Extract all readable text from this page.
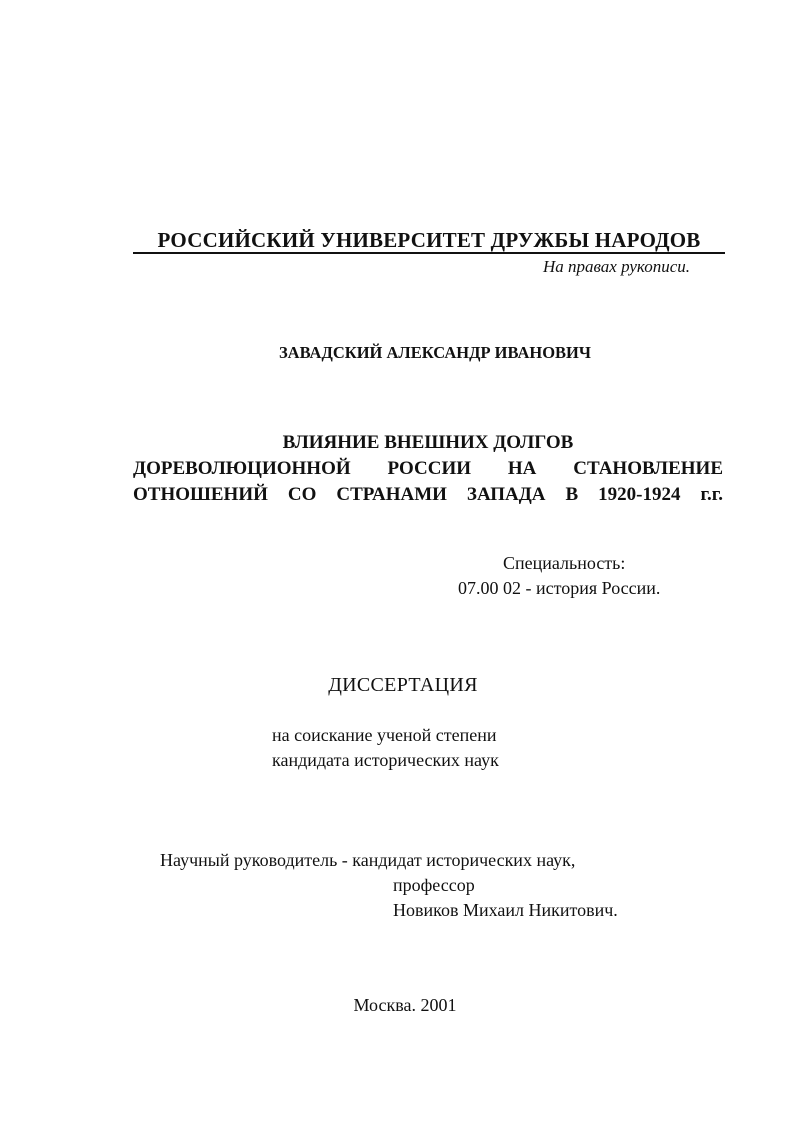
РОССИЙСКИЙ УНИВЕРСИТЕТ ДРУЖБЫ НАРОДОВ
На правах рукописи.
ЗАВАДСКИЙ АЛЕКСАНДР ИВАНОВИЧ
ВЛИЯНИЕ ВНЕШНИХ ДОЛГОВ
ДОРЕВОЛЮЦИОННОЙ РОССИИ НА СТАНОВЛЕНИЕ
ОТНОШЕНИЙ СО СТРАНАМИ ЗАПАДА В 1920-1924 г.г.
Специальность:
07.00 02 - история России.
ДИССЕРТАЦИЯ
на соискание ученой степени
кандидата исторических наук
Научный руководитель - кандидат исторических наук,
профессор
Новиков Михаил Никитович.
Москва. 2001
